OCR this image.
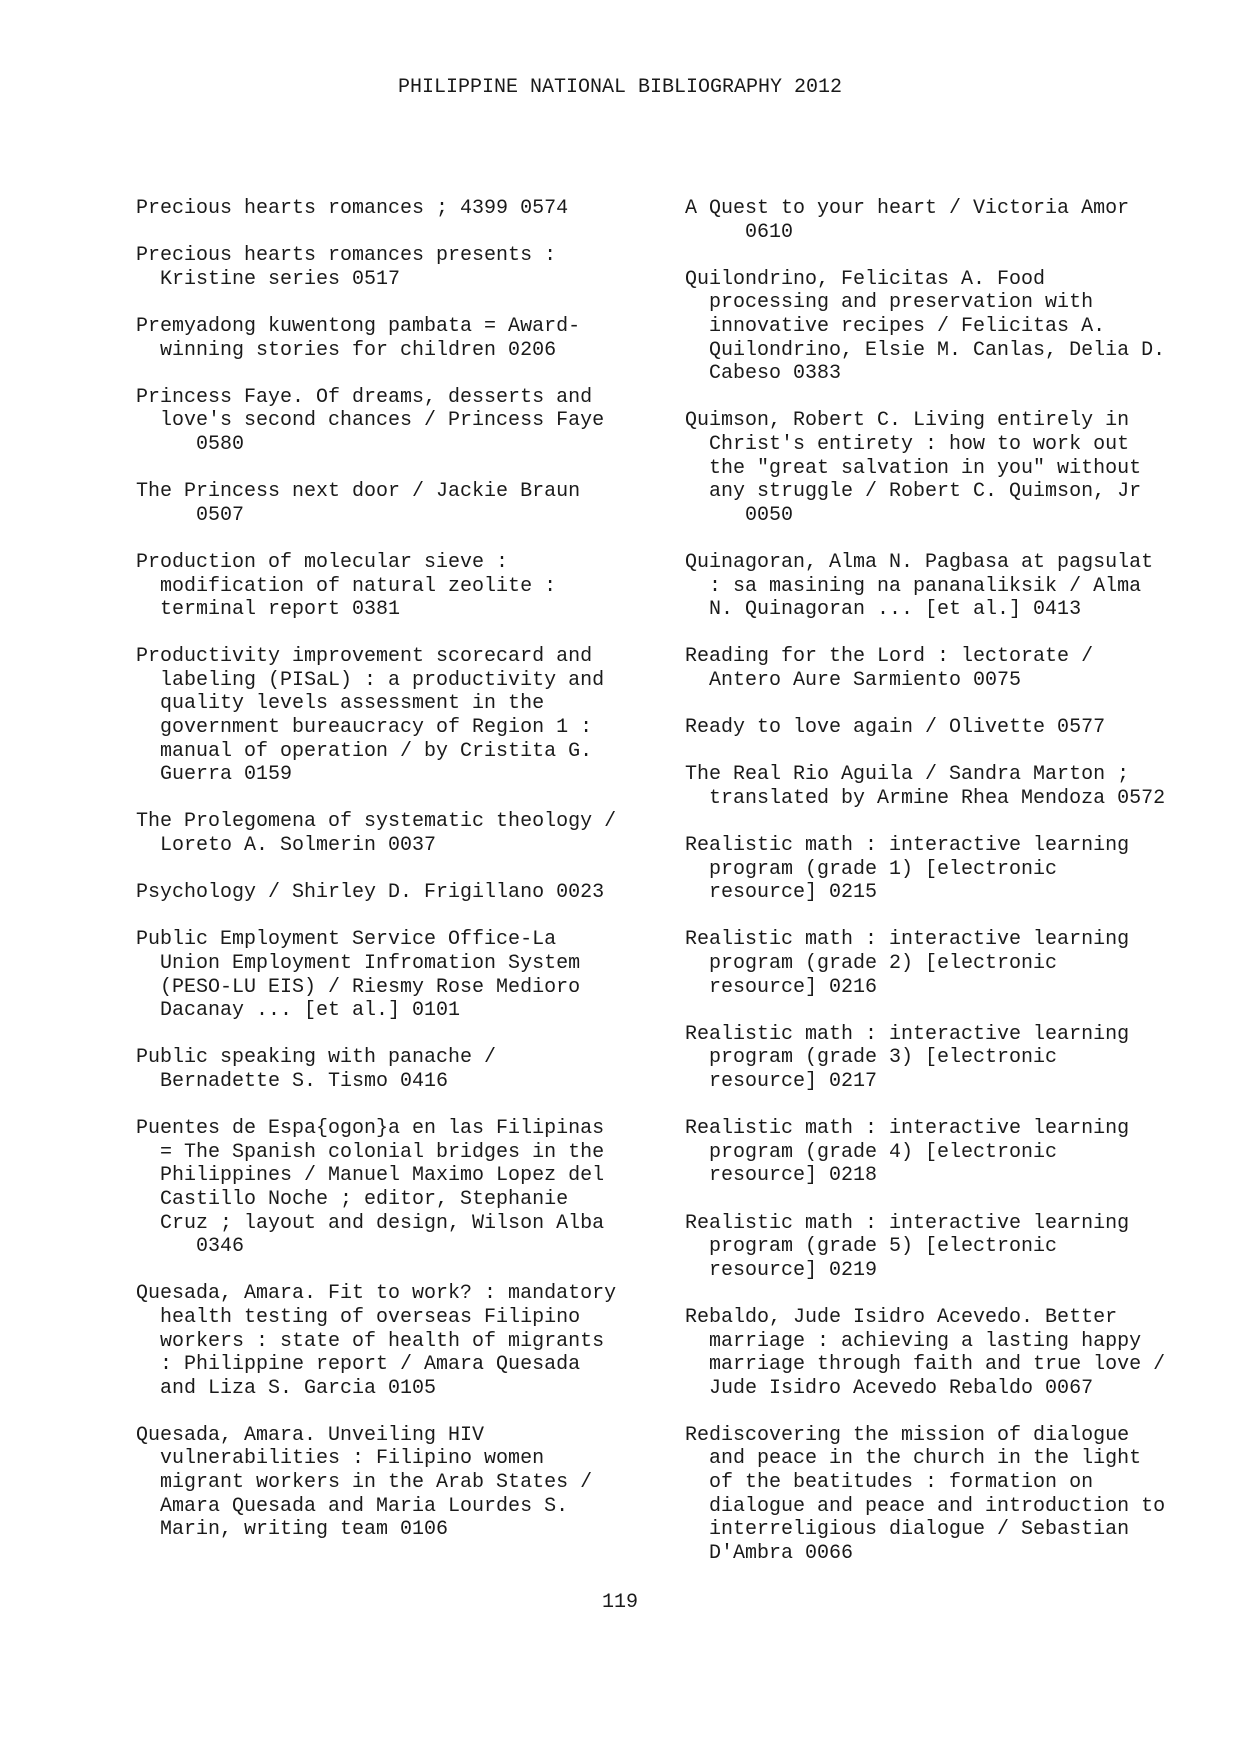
PHILIPPINE NATIONAL BIBLIOGRAPHY 2012
Precious hearts romances ; 4399 0574
Precious hearts romances presents :
Kristine series 0517
Premyadong kuwentong pambata = Award-
winning stories for children 0206
Princess Faye. Of dreams, desserts and
love's second chances / Princess Faye
0580
The Princess next door / Jackie Braun
0507
Production of molecular sieve :
modification of natural zeolite :
terminal report 0381
Productivity improvement scorecard and
labeling (PISaL) : a productivity and
quality levels assessment in the
government bureaucracy of Region 1 :
manual of operation / by Cristita G.
Guerra 0159
The Prolegomena of systematic theology /
Loreto A. Solmerin 0037
Psychology / Shirley D. Frigillano 0023
Public Employment Service Office-La
Union Employment Infromation System
(PESO-LU EIS) / Riesmy Rose Medioro
Dacanay ... [et al.] 0101
Public speaking with panache /
Bernadette S. Tismo 0416
Puentes de Espa{ogon}a en las Filipinas
= The Spanish colonial bridges in the
Philippines / Manuel Maximo Lopez del
Castillo Noche ; editor, Stephanie
Cruz ; layout and design, Wilson Alba
0346
Quesada, Amara. Fit to work? : mandatory
health testing of overseas Filipino
workers : state of health of migrants
: Philippine report / Amara Quesada
and Liza S. Garcia 0105
Quesada, Amara. Unveiling HIV
vulnerabilities : Filipino women
migrant workers in the Arab States /
Amara Quesada and Maria Lourdes S.
Marin, writing team 0106
A Quest to your heart / Victoria Amor
0610
Quilondrino, Felicitas A. Food
processing and preservation with
innovative recipes / Felicitas A.
Quilondrino, Elsie M. Canlas, Delia D.
Cabeso 0383
Quimson, Robert C. Living entirely in
Christ's entirety : how to work out
the "great salvation in you" without
any struggle / Robert C. Quimson, Jr
0050
Quinagoran, Alma N. Pagbasa at pagsulat
: sa masining na pananaliksik / Alma
N. Quinagoran ... [et al.] 0413
Reading for the Lord : lectorate /
Antero Aure Sarmiento 0075
Ready to love again / Olivette 0577
The Real Rio Aguila / Sandra Marton ;
translated by Armine Rhea Mendoza 0572
Realistic math : interactive learning
program (grade 1) [electronic
resource] 0215
Realistic math : interactive learning
program (grade 2) [electronic
resource] 0216
Realistic math : interactive learning
program (grade 3) [electronic
resource] 0217
Realistic math : interactive learning
program (grade 4) [electronic
resource] 0218
Realistic math : interactive learning
program (grade 5) [electronic
resource] 0219
Rebaldo, Jude Isidro Acevedo. Better
marriage : achieving a lasting happy
marriage through faith and true love /
Jude Isidro Acevedo Rebaldo 0067
Rediscovering the mission of dialogue
and peace in the church in the light
of the beatitudes : formation on
dialogue and peace and introduction to
interreligious dialogue / Sebastian
D'Ambra 0066
119
